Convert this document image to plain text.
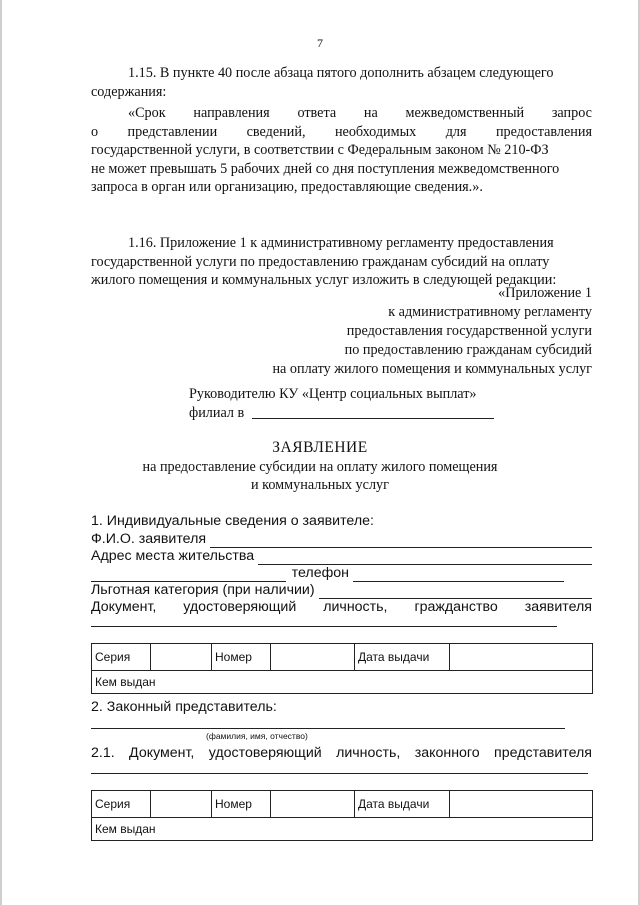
7
1.15. В пункте 40 после абзаца пятого дополнить абзацем следующего
содержания:
«Срок направления ответа на межведомственный запрос
о представлении сведений, необходимых для предоставления
государственной услуги, в соответствии с Федеральным законом № 210-ФЗ
не может превышать 5 рабочих дней со дня поступления межведомственного
запроса в орган или организацию, предоставляющие сведения.».
1.16. Приложение 1 к административному регламенту предоставления
государственной услуги по предоставлению гражданам субсидий на оплату
жилого помещения и коммунальных услуг изложить в следующей редакции:
«Приложение 1
к административному регламенту
предоставления государственной услуги
по предоставлению гражданам субсидий
на оплату жилого помещения и коммунальных услуг
Руководителю КУ «Центр социальных выплат»
филиал в
ЗАЯВЛЕНИЕ
на предоставление субсидии на оплату жилого помещения
и коммунальных услуг
1. Индивидуальные сведения о заявителе:
Ф.И.О. заявителя
Адрес места жительства
телефон
Льготная категория (при наличии)
Документ, удостоверяющий личность, гражданство заявителя
Серия		Номер		Дата выдачи	
Кем выдан
2. Законный представитель:
(фамилия, имя, отчество)
2.1. Документ, удостоверяющий личность, законного представителя
Серия		Номер		Дата выдачи	
Кем выдан
